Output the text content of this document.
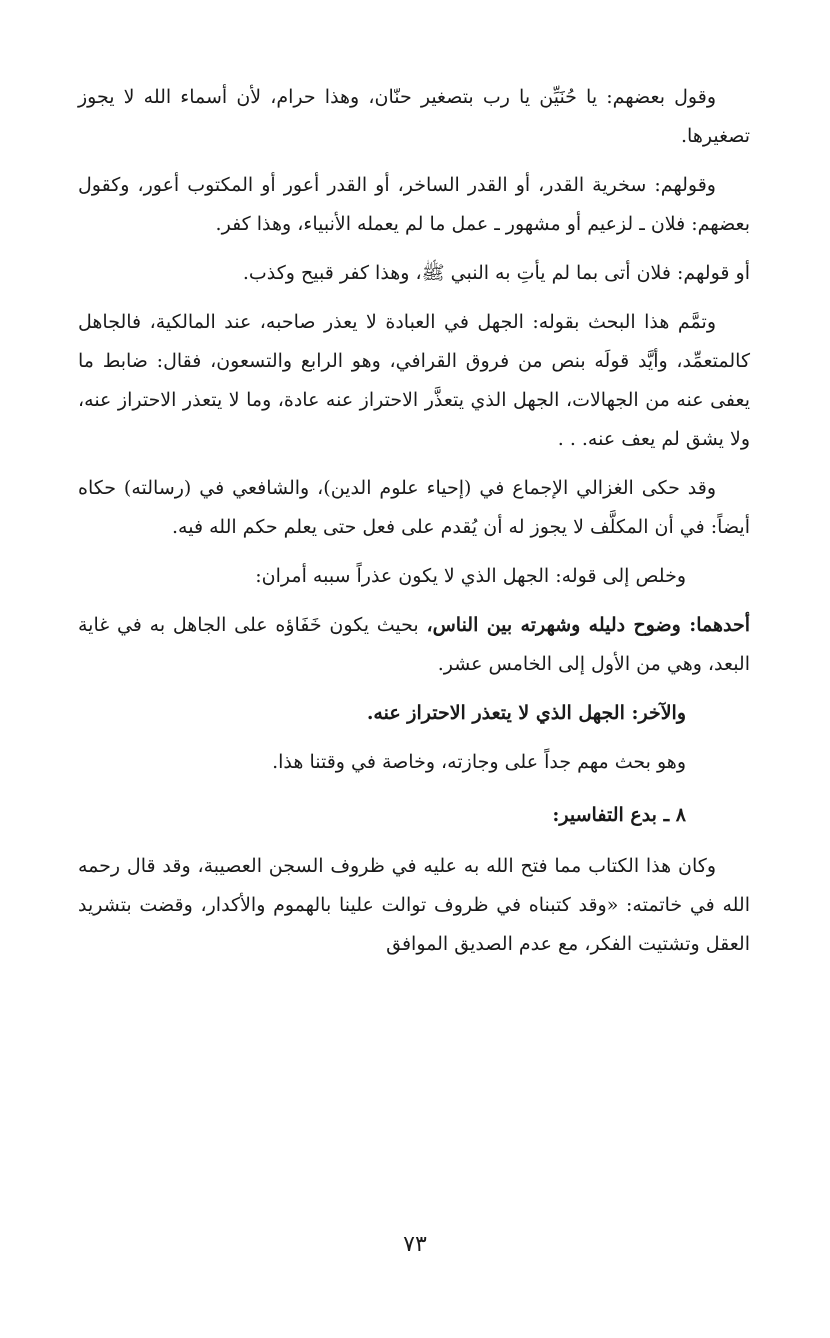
وقول بعضهم: يا حُنَيِّن يا رب بتصغير حنّان، وهذا حرام، لأن أسماء الله لا يجوز تصغيرها.

وقولهم: سخرية القدر، أو القدر الساخر، أو القدر أعور أو المكتوب أعور، وكقول بعضهم: فلان ـ لزعيم أو مشهور ـ عمل ما لم يعمله الأنبياء، وهذا كفر.

أو قولهم: فلان أتى بما لم يأتِ به النبي ﷺ، وهذا كفر قبيح وكذب.

وتمَّم هذا البحث بقوله: الجهل في العبادة لا يعذر صاحبه، عند المالكية، فالجاهل كالمتعمِّد، وأيَّد قولَه بنص من فروق القرافي، وهو الرابع والتسعون، فقال: ضابط ما يعفى عنه من الجهالات، الجهل الذي يتعذَّر الاحتراز عنه عادة، وما لا يتعذر الاحتراز عنه، ولا يشق لم يعف عنه. . .

وقد حكى الغزالي الإجماع في (إحياء علوم الدين)، والشافعي في (رسالته) حكاه أيضاً: في أن المكلَّف لا يجوز له أن يُقدم على فعل حتى يعلم حكم الله فيه.

وخلص إلى قوله: الجهل الذي لا يكون عذراً سببه أمران:

أحدهما: وضوح دليله وشهرته بين الناس، بحيث يكون خَفَاؤه على الجاهل به في غاية البعد، وهي من الأول إلى الخامس عشر.

والآخر: الجهل الذي لا يتعذر الاحتراز عنه.

وهو بحث مهم جداً على وجازته، وخاصة في وقتنا هذا.

٨ ـ بدع التفاسير:

وكان هذا الكتاب مما فتح الله به عليه في ظروف السجن العصيبة، وقد قال رحمه الله في خاتمته: «وقد كتبناه في ظروف توالت علينا بالهموم والأكدار، وقضت بتشريد العقل وتشتيت الفكر، مع عدم الصديق الموافق

٧٣
